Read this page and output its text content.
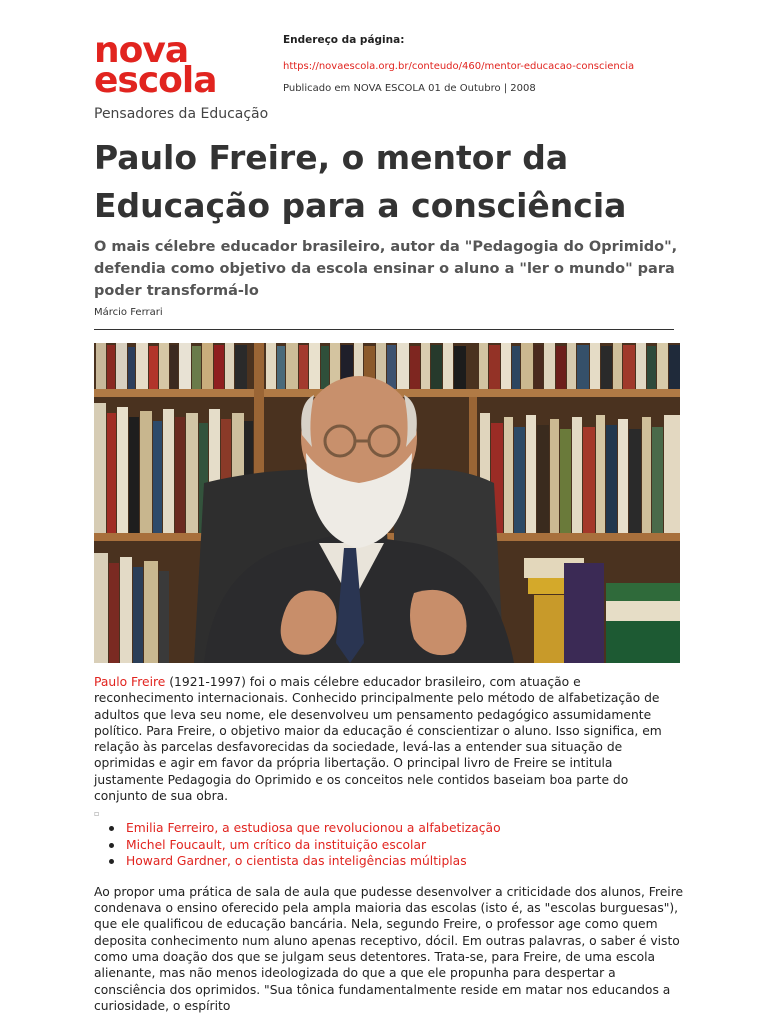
nova
escola
Pensadores da Educação
Endereço da página:
https://novaescola.org.br/conteudo/460/mentor-educacao-consciencia
Publicado em NOVA ESCOLA 01 de Outubro | 2008
Paulo Freire, o mentor da Educação para a consciência
O mais célebre educador brasileiro, autor da "Pedagogia do Oprimido", defendia como objetivo da escola ensinar o aluno a "ler o mundo" para poder transformá-lo
Márcio Ferrari

Paulo Freire (1921-1997) foi o mais célebre educador brasileiro, com atuação e reconhecimento internacionais. Conhecido principalmente pelo método de alfabetização de adultos que leva seu nome, ele desenvolveu um pensamento pedagógico assumidamente político. Para Freire, o objetivo maior da educação é conscientizar o aluno. Isso significa, em relação às parcelas desfavorecidas da sociedade, levá-las a entender sua situação de oprimidas e agir em favor da própria libertação. O principal livro de Freire se intitula justamente Pedagogia do Oprimido e os conceitos nele contidos baseiam boa parte do conjunto de sua obra.

▫
Emilia Ferreiro, a estudiosa que revolucionou a alfabetização
Michel Foucault, um crítico da instituição escolar
Howard Gardner, o cientista das inteligências múltiplas

Ao propor uma prática de sala de aula que pudesse desenvolver a criticidade dos alunos, Freire condenava o ensino oferecido pela ampla maioria das escolas (isto é, as "escolas burguesas"), que ele qualificou de educação bancária. Nela, segundo Freire, o professor age como quem deposita conhecimento num aluno apenas receptivo, dócil. Em outras palavras, o saber é visto como uma doação dos que se julgam seus detentores. Trata-se, para Freire, de uma escola alienante, mas não menos ideologizada do que a que ele propunha para despertar a consciência dos oprimidos. "Sua tônica fundamentalmente reside em matar nos educandos a curiosidade, o espírito
